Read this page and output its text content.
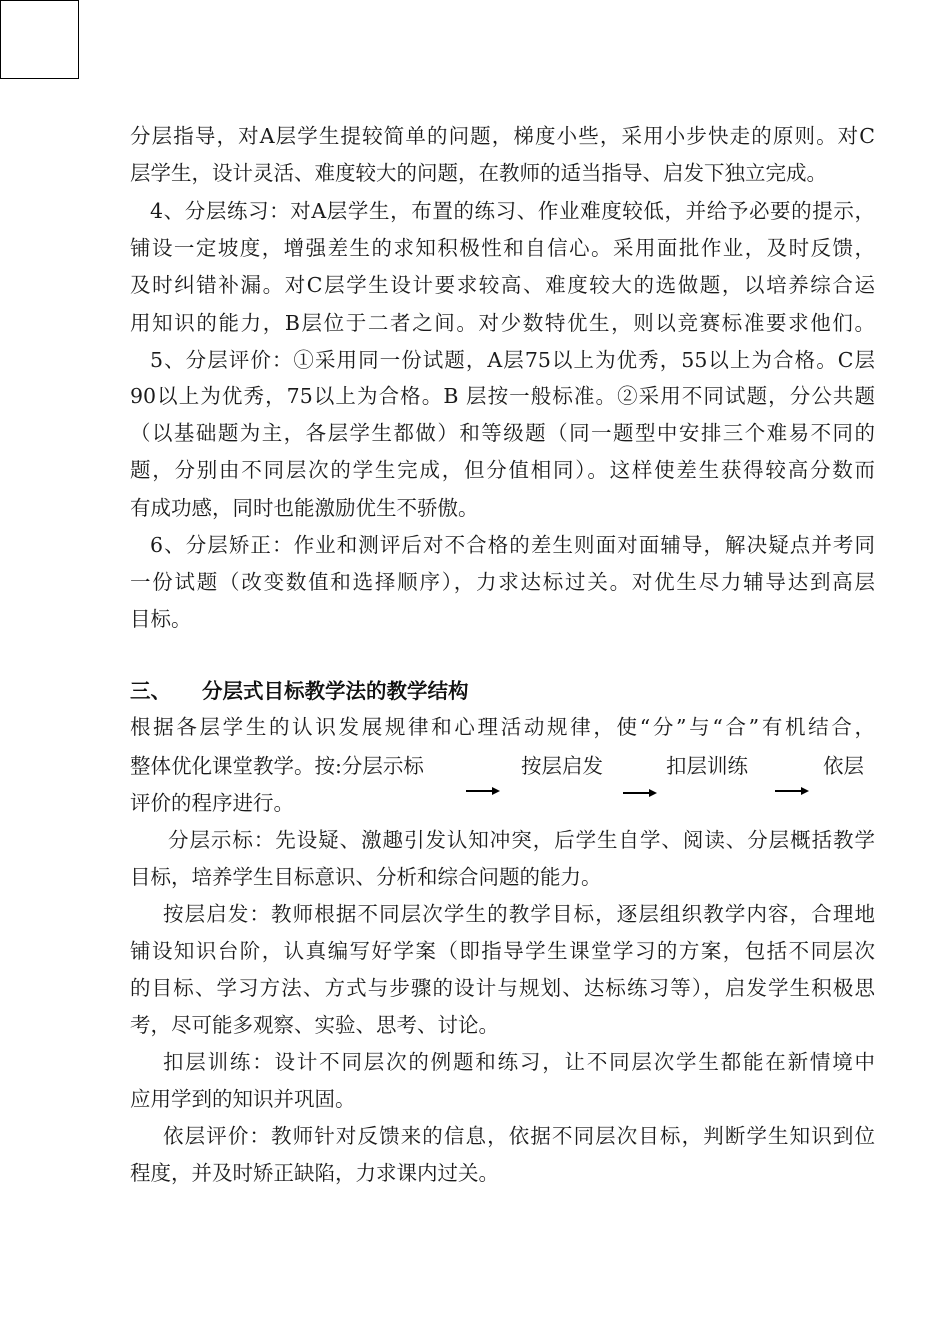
分层指导，对A层学生提较简单的问题，梯度小些，采用小步快走的原则。对C

层学生，设计灵活、难度较大的问题，在教师的适当指导、启发下独立完成。

4、分层练习：对A层学生，布置的练习、作业难度较低，并给予必要的提示，

铺设一定坡度，增强差生的求知积极性和自信心。采用面批作业，及时反馈，

及时纠错补漏。对C层学生设计要求较高、难度较大的选做题，以培养综合运

用知识的能力，B层位于二者之间。对少数特优生，则以竞赛标准要求他们。

5、分层评价：①采用同一份试题，A层75以上为优秀，55以上为合格。C层

90以上为优秀，75以上为合格。B 层按一般标准。②采用不同试题，分公共题

（以基础题为主，各层学生都做）和等级题（同一题型中安排三个难易不同的

题，分别由不同层次的学生完成，但分值相同）。这样使差生获得较高分数而

有成功感，同时也能激励优生不骄傲。

6、分层矫正：作业和测评后对不合格的差生则面对面辅导，解决疑点并考同

一份试题（改变数值和选择顺序），力求达标过关。对优生尽力辅导达到高层

目标。

三、 分层式目标教学法的教学结构

根据各层学生的认识发展规律和心理活动规律，使“分”与“合”有机结合，

整体优化课堂教学。按:分层示标	按层启发	扣层训练	依层
评价的程序进行。

分层示标：先设疑、激趣引发认知冲突，后学生自学、阅读、分层概括教学

目标，培养学生目标意识、分析和综合问题的能力。

按层启发：教师根据不同层次学生的教学目标，逐层组织教学内容，合理地

铺设知识台阶，认真编写好学案（即指导学生课堂学习的方案，包括不同层次

的目标、学习方法、方式与步骤的设计与规划、达标练习等），启发学生积极思

考，尽可能多观察、实验、思考、讨论。

扣层训练：设计不同层次的例题和练习，让不同层次学生都能在新情境中

应用学到的知识并巩固。

依层评价：教师针对反馈来的信息，依据不同层次目标，判断学生知识到位

程度，并及时矫正缺陷，力求课内过关。
